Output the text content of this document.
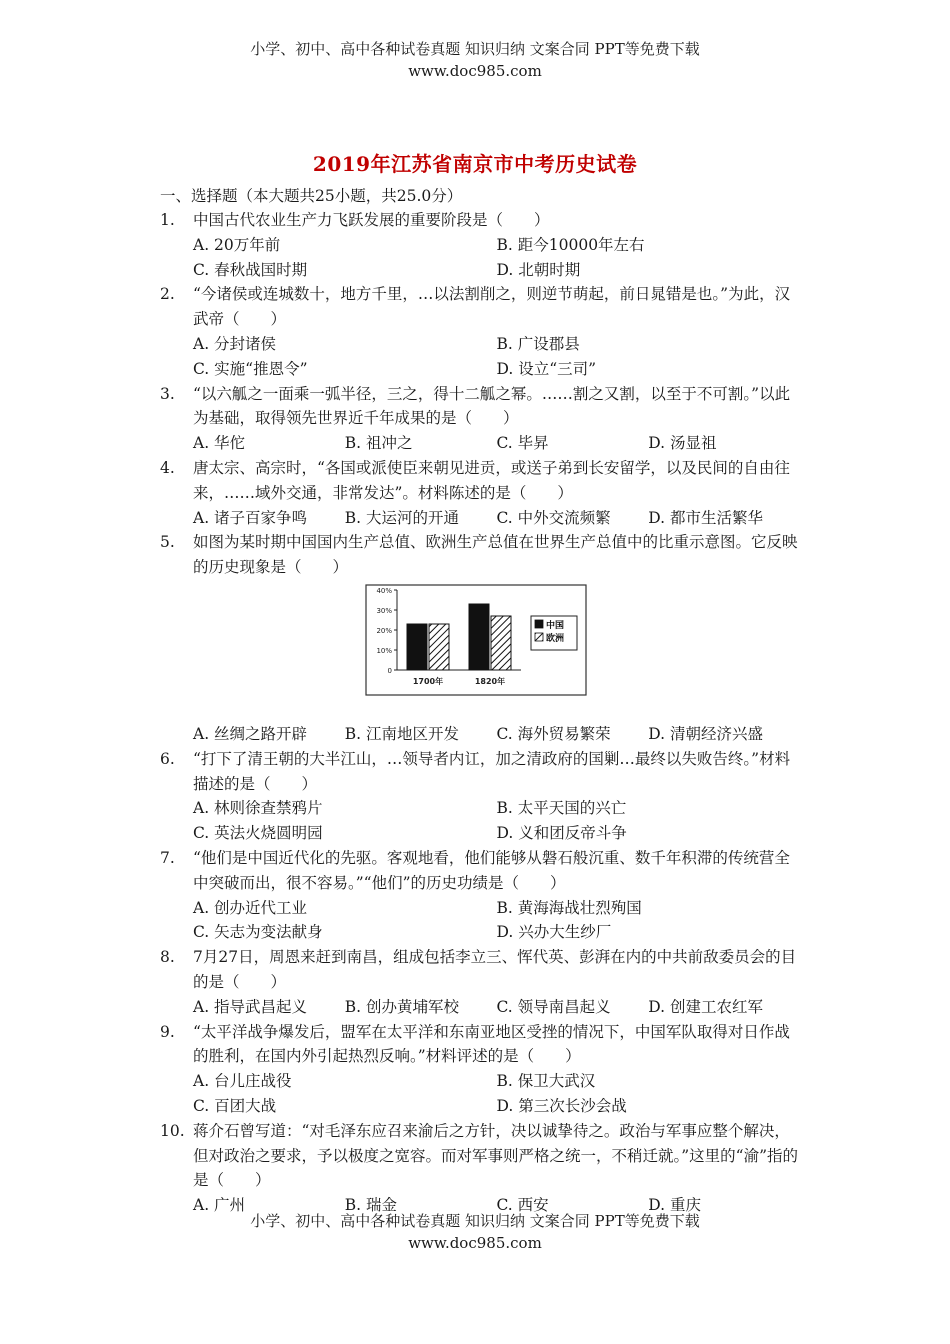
小学、初中、高中各种试卷真题 知识归纳 文案合同 PPT等免费下载
www.doc985.com
2019年江苏省南京市中考历史试卷
一、选择题（本大题共25小题，共25.0分）
1. 中国古代农业生产力飞跃发展的重要阶段是（　　）
A. 20万年前	B. 距今10000年左右
C. 春秋战国时期	D. 北朝时期
2. “今诸侯或连城数十，地方千里，…以法割削之，则逆节萌起，前日晁错是也。”为此，汉武帝（　　）
A. 分封诸侯	B. 广设郡县
C. 实施“推恩令”	D. 设立“三司”
3. “以六觚之一面乘一弧半径，三之，得十二觚之幂。……割之又割，以至于不可割。”以此为基础，取得领先世界近千年成果的是（　　）
A. 华佗	B. 祖冲之	C. 毕昇	D. 汤显祖
4. 唐太宗、高宗时，“各国或派使臣来朝见进贡，或送子弟到长安留学，以及民间的自由往来，……域外交通，非常发达”。材料陈述的是（　　）
A. 诸子百家争鸣	B. 大运河的开通	C. 中外交流频繁	D. 都市生活繁华
5. 如图为某时期中国国内生产总值、欧洲生产总值在世界生产总值中的比重示意图。它反映的历史现象是（　　）
0
10%
20%
30%
40%
1700年	1820年
中国
欧洲
A. 丝绸之路开辟	B. 江南地区开发	C. 海外贸易繁荣	D. 清朝经济兴盛
6. “打下了清王朝的大半江山，…领导者内讧，加之清政府的国剿…最终以失败告终。”材料描述的是（　　）
A. 林则徐查禁鸦片	B. 太平天国的兴亡
C. 英法火烧圆明园	D. 义和团反帝斗争
7. “他们是中国近代化的先驱。客观地看，他们能够从磐石般沉重、数千年积滞的传统营全中突破而出，很不容易。”“他们”的历史功绩是（　　）
A. 创办近代工业	B. 黄海海战壮烈殉国
C. 矢志为变法献身	D. 兴办大生纱厂
8. 7月27日，周恩来赶到南昌，组成包括李立三、恽代英、彭湃在内的中共前敌委员会的目的是（　　）
A. 指导武昌起义	B. 创办黄埔军校	C. 领导南昌起义	D. 创建工农红军
9. “太平洋战争爆发后，盟军在太平洋和东南亚地区受挫的情况下，中国军队取得对日作战的胜利，在国内外引起热烈反响。”材料评述的是（　　）
A. 台儿庄战役	B. 保卫大武汉
C. 百团大战	D. 第三次长沙会战
10. 蒋介石曾写道：“对毛泽东应召来渝后之方针，决以诚挚待之。政治与军事应整个解决，但对政治之要求，予以极度之宽容。而对军事则严格之统一，不稍迁就。”这里的“渝”指的是（　　）
A. 广州	B. 瑞金	C. 西安	D. 重庆
小学、初中、高中各种试卷真题 知识归纳 文案合同 PPT等免费下载
www.doc985.com
